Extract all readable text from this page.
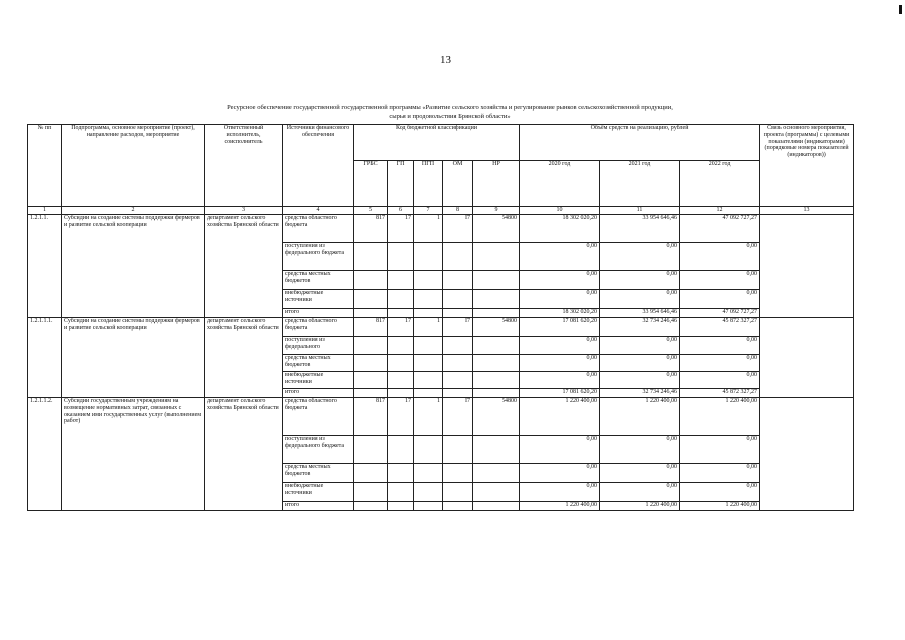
13
Ресурсное обеспечение государственной государственной программы «Развитие сельского хозяйства и регулирование рынков сельскохозяйственной продукции,
сырья и продовольствия Брянской области»
№ пп	Подпрограмма, основное мероприятие (проект), направление расходов, мероприятие	Ответственный исполнитель, соисполнитель	Источники финансового обеспечения	Код бюджетной классификации					Объём средств на реализацию, рублей			Связь основного мероприятия, проекта (программы) с целевыми показателями (индикаторами) (порядковые номера показателей (индикаторов))
				ГРБС	ГП	ПГП	ОМ	НР	2020 год	2021 год	2022 год	
1	2	3	4	5	6	7	8	9	10	11	12	13
1.2.1.1.	Субсидии на создание системы поддержки фермеров и развитие сельской кооперации	департамент сельского хозяйства Брянской области	средства областного бюджета	817	17	1	I7	54800	18 302 020,20	33 954 646,46	47 092 727,27	
			поступления из федерального бюджета						0,00	0,00	0,00	
			средства местных бюджетов						0,00	0,00	0,00	
			внебюджетные источники						0,00	0,00	0,00	
			итого						18 302 020,20	33 954 646,46	47 092 727,27	
1.2.1.1.1.	Субсидии на создание системы поддержки фермеров и развитие сельской кооперации	департамент сельского хозяйства Брянской области	средства областного бюджета	817	17	1	I7	54800	17 081 620,20	32 734 246,46	45 872 327,27	
			поступления из федерального						0,00	0,00	0,00	
			средства местных бюджетов						0,00	0,00	0,00	
			внебюджетные источники						0,00	0,00	0,00	
			итого						17 081 620,20	32 734 246,46	45 872 327,27	
1.2.1.1.2.	Субсидии государственным учреждениям на возмещение нормативных затрат, связанных с оказанием ими государственных услуг (выполнением работ)	департамент сельского хозяйства Брянской области	средства областного бюджета	817	17	1	I7	54800	1 220 400,00	1 220 400,00	1 220 400,00	
			поступления из федерального бюджета						0,00	0,00	0,00	
			средства местных бюджетов						0,00	0,00	0,00	
			внебюджетные источники						0,00	0,00	0,00	
			итого						1 220 400,00	1 220 400,00	1 220 400,00	
